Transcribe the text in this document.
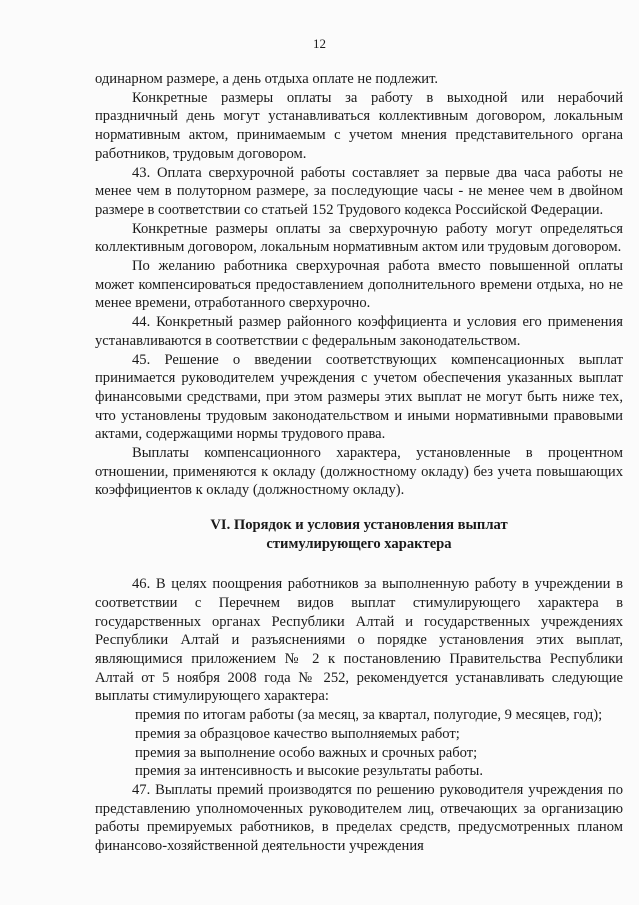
12

одинарном размере, а день отдыха оплате не подлежит.

Конкретные размеры оплаты за работу в выходной или нерабочий праздничный день могут устанавливаться коллективным договором, локальным нормативным актом, принимаемым с учетом мнения представительного органа работников, трудовым договором.

43. Оплата сверхурочной работы составляет за первые два часа работы не менее чем в полуторном размере, за последующие часы - не менее чем в двойном размере в соответствии со статьей 152 Трудового кодекса Российской Федерации.

Конкретные размеры оплаты за сверхурочную работу могут определяться коллективным договором, локальным нормативным актом или трудовым договором.

По желанию работника сверхурочная работа вместо повышенной оплаты может компенсироваться предоставлением дополнительного времени отдыха, но не менее времени, отработанного сверхурочно.

44. Конкретный размер районного коэффициента и условия его применения устанавливаются в соответствии с федеральным законодательством.

45. Решение о введении соответствующих компенсационных выплат принимается руководителем учреждения с учетом обеспечения указанных выплат финансовыми средствами, при этом размеры этих выплат не могут быть ниже тех, что установлены трудовым законодательством и иными нормативными правовыми актами, содержащими нормы трудового права.

Выплаты компенсационного характера, установленные в процентном отношении, применяются к окладу (должностному окладу) без учета повышающих коэффициентов к окладу (должностному окладу).

VI. Порядок и условия установления выплат
стимулирующего характера

46. В целях поощрения работников за выполненную работу в учреждении в соответствии с Перечнем видов выплат стимулирующего характера в государственных органах Республики Алтай и государственных учреждениях Республики Алтай и разъяснениями о порядке установления этих выплат, являющимися приложением № 2 к постановлению Правительства Республики Алтай от 5 ноября 2008 года № 252, рекомендуется устанавливать следующие выплаты стимулирующего характера:

премия по итогам работы (за месяц, за квартал, полугодие, 9 месяцев, год);
премия за образцовое качество выполняемых работ;
премия за выполнение особо важных и срочных работ;
премия за интенсивность и высокие результаты работы.

47. Выплаты премий производятся по решению руководителя учреждения по представлению уполномоченных руководителем лиц, отвечающих за организацию работы премируемых работников, в пределах средств, предусмотренных планом финансово-хозяйственной деятельности учреждения
